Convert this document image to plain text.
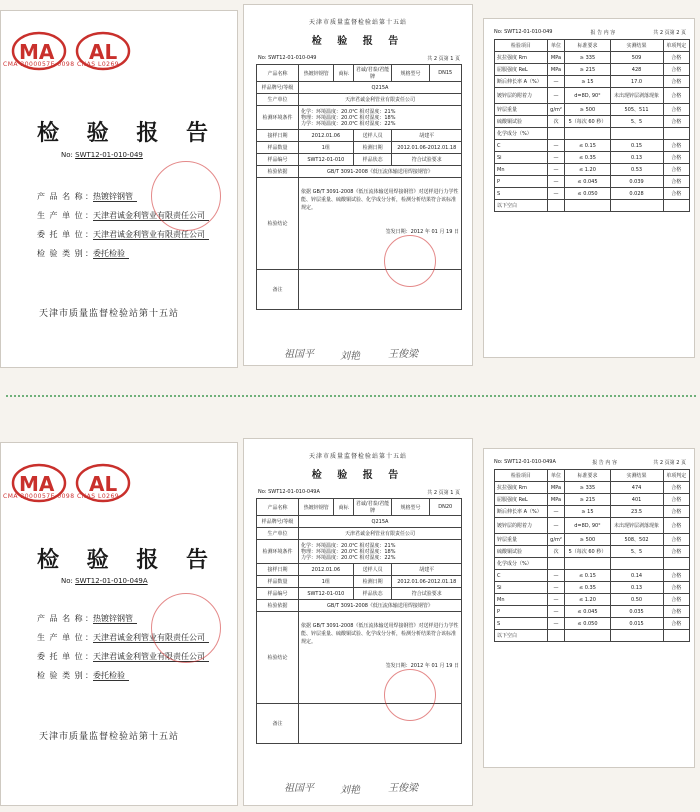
MA AL
CMA 2000057E 0098 CNAS L0269
检 验 报 告
No: SWT12-01-010-049
产 品 名 称：热镀锌钢管
生 产 单 位：天津君诚金利管业有限责任公司
委 托 单 位：天津君诚金利管业有限责任公司
检 验 类 别：委托检验
天津市质量监督检验站第十五站
天津市质量监督检验站第十五站
检 验 报 告
No: SWT12-01-010-049	共 2 页第 1 页
产品名称	热镀锌钢管	商标	君诚/君泰/君能牌	规格型号	DN15
样品牌号/等级	Q215A				
生产单位	天津君诚金利管业有限责任公司				
检测环境条件	化学：环境温度：20.0℃ 相对湿度：21%
物理：环境温度：20.0℃ 相对湿度：18%
力学：环境温度：20.0℃ 相对湿度：22%				
接样日期	2012.01.06		送样人员	胡建平	
样品数量	1组		检测日期	2012.01.06-2012.01.18	
样品编号	SWT12-01-010		样品状态	符合试验要求	
检验依据	GB/T 3091-2008《低压流体输送用焊接钢管》				
检验结论	依据 GB/T 3091-2008《低压流体输送用焊接钢管》对送样进行力学性能、锌层重量、硫酸铜试验、化学成分分析，检测分析结果符合该标准规定。

签发日期：2012 年 01 月 19 日				

备注					
祖国平	刘艳	王俊梁
No: SWT12-01-010-049	报 告 内 容	共 2 页第 2 页
检验项目	单位	标准要求	实测结果	单项判定
抗拉强度 Rm	MPa	≥ 335	509	合格
屈服强度 ReL	MPa	≥ 215	428	合格
断后伸长率 A（%）	—	≥ 15	17.0	合格
镀锌层的附着力	—	d=8D, 90°	未出现锌层剥落现象	合格
锌层重量	g/m²	≥ 500	505、511	合格
硫酸铜试验	次	5（每次 60 秒）	5、5	合格
化学成分（%）				
C	—	≤ 0.15	0.15	合格
Si	—	≤ 0.35	0.13	合格
Mn	—	≤ 1.20	0.53	合格
P	—	≤ 0.045	0.039	合格
S	—	≤ 0.050	0.028	合格
以下空白				
MA AL
CMA 2000057E 0098 CNAS L0269
检 验 报 告
No: SWT12-01-010-049A
产 品 名 称：热镀锌钢管
生 产 单 位：天津君诚金利管业有限责任公司
委 托 单 位：天津君诚金利管业有限责任公司
检 验 类 别：委托检验
天津市质量监督检验站第十五站
天津市质量监督检验站第十五站
检 验 报 告
No: SWT12-01-010-049A	共 2 页第 1 页
产品名称	热镀锌钢管	商标	君诚/君泰/君能牌	规格型号	DN20
样品牌号/等级	Q215A				
生产单位	天津君诚金利管业有限责任公司				
检测环境条件	化学：环境温度：20.0℃ 相对湿度：21%
物理：环境温度：20.0℃ 相对湿度：18%
力学：环境温度：20.0℃ 相对湿度：22%				
接样日期	2012.01.06		送样人员	胡建平	
样品数量	1组		检测日期	2012.01.06-2012.01.18	
样品编号	SWT12-01-010		样品状态	符合试验要求	
检验依据	GB/T 3091-2008《低压流体输送用焊接钢管》				
检验结论	依据 GB/T 3091-2008《低压流体输送用焊接钢管》对送样进行力学性能、锌层重量、硫酸铜试验、化学成分分析，检测分析结果符合该标准规定。

签发日期：2012 年 01 月 19 日				

备注					
祖国平	刘艳	王俊梁
No: SWT12-01-010-049A	报 告 内 容	共 2 页第 2 页
检验项目	单位	标准要求	实测结果	单项判定
抗拉强度 Rm	MPa	≥ 335	474	合格
屈服强度 ReL	MPa	≥ 215	401	合格
断后伸长率 A（%）	—	≥ 15	23.5	合格
镀锌层的附着力	—	d=8D, 90°	未出现锌层剥落现象	合格
锌层重量	g/m²	≥ 500	508、502	合格
硫酸铜试验	次	5（每次 60 秒）	5、5	合格
化学成分（%）				
C	—	≤ 0.15	0.14	合格
Si	—	≤ 0.35	0.13	合格
Mn	—	≤ 1.20	0.50	合格
P	—	≤ 0.045	0.035	合格
S	—	≤ 0.050	0.015	合格
以下空白				
